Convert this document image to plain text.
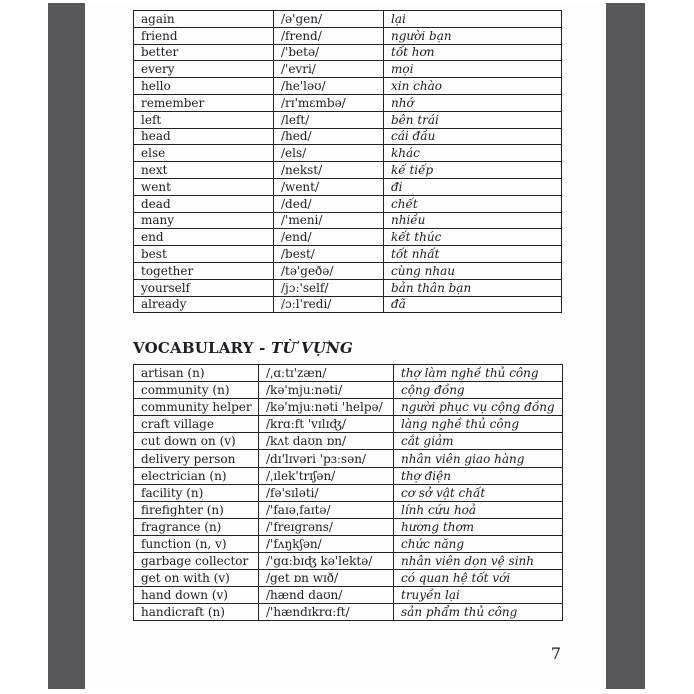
again	/ə'gen/	lại
friend	/frend/	người bạn
better	/'betə/	tốt hơn
every	/'evri/	mọi
hello	/he'ləʊ/	xin chào
remember	/rɪ'mɛmbə/	nhớ
left	/left/	bên trái
head	/hed/	cái đầu
else	/els/	khác
next	/nekst/	kế tiếp
went	/went/	đi
dead	/ded/	chết
many	/'meni/	nhiều
end	/end/	kết thúc
best	/best/	tốt nhất
together	/tə'geðə/	cùng nhau
yourself	/jɔː'self/	bản thân bạn
already	/ɔːl'redi/	đã
VOCABULARY - TỪ VỰNG
artisan (n)	/ˌɑːtɪ'zæn/	thợ làm nghề thủ công
community (n)	/kə'mjuːnəti/	cộng đồng
community helper	/kə'mjuːnəti 'helpə/	người phục vụ cộng đồng
craft village	/krɑːft 'vɪlɪʤ/	làng nghề thủ công
cut down on (v)	/kʌt daʊn ɒn/	cắt giảm
delivery person	/dɪ'lɪvəri 'pɜːsən/	nhân viên giao hàng
electrician (n)	/ˌɪlek'trɪʃən/	thợ điện
facility (n)	/fə'sɪləti/	cơ sở vật chất
firefighter (n)	/'faɪəˌfaɪtə/	lính cứu hoả
fragrance (n)	/'freɪgrəns/	hương thơm
function (n, v)	/'fʌŋkʃən/	chức năng
garbage collector	/'gɑːbɪʤ kə'lektə/	nhân viên dọn vệ sinh
get on with (v)	/get ɒn wɪð/	có quan hệ tốt với
hand down (v)	/hænd daʊn/	truyền lại
handicraft (n)	/'hændɪkrɑːft/	sản phẩm thủ công
7
